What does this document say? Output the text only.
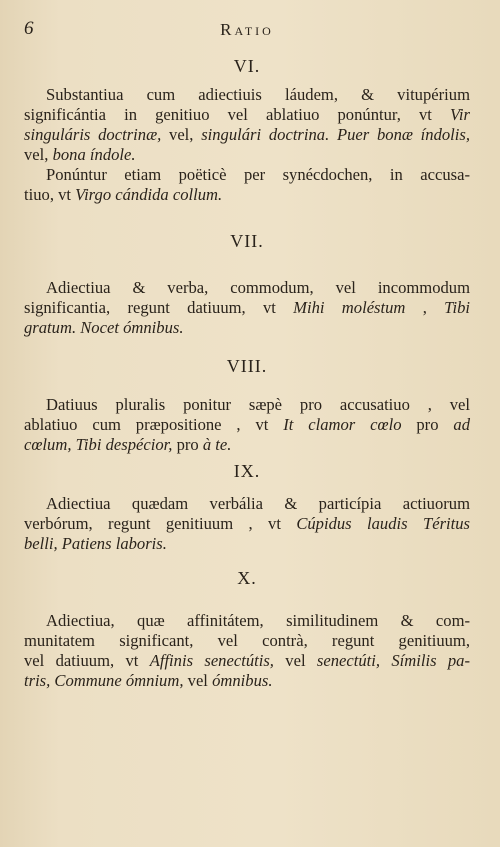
6	Ratio
VI.
Substantiua cum adiectiuis láudem, & vitupérium
significántia in genitiuo vel ablatiuo ponúntur, vt Vir
singuláris doctrinæ, vel, singulári doctrina. Puer bonæ índolis,
vel, bona índole.
Ponúntur etiam poëticè per synécdochen, in accusa-
tiuo, vt Virgo cándida collum.
VII.
Adiectiua & verba, commodum, vel incommodum
significantia, regunt datiuum, vt Mihi moléstum , Tibi
gratum. Nocet ómnibus.
VIII.
Datiuus pluralis ponitur sæpè pro accusatiuo , vel
ablatiuo cum præpositione , vt It clamor cœlo pro ad
cœlum, Tibi despécior, pro à te.
IX.
Adiectiua quædam verbália & particípia actiuorum
verbórum, regunt genitiuum , vt Cúpidus laudis Téritus
belli, Patiens laboris.
X.
Adiectiua, quæ affinitátem, similitudinem & com-
munitatem significant, vel contrà, regunt genitiuum,
vel datiuum, vt Affinis senectútis, vel senectúti, Símilis pa-
tris, Commune ómnium, vel ómnibus.
